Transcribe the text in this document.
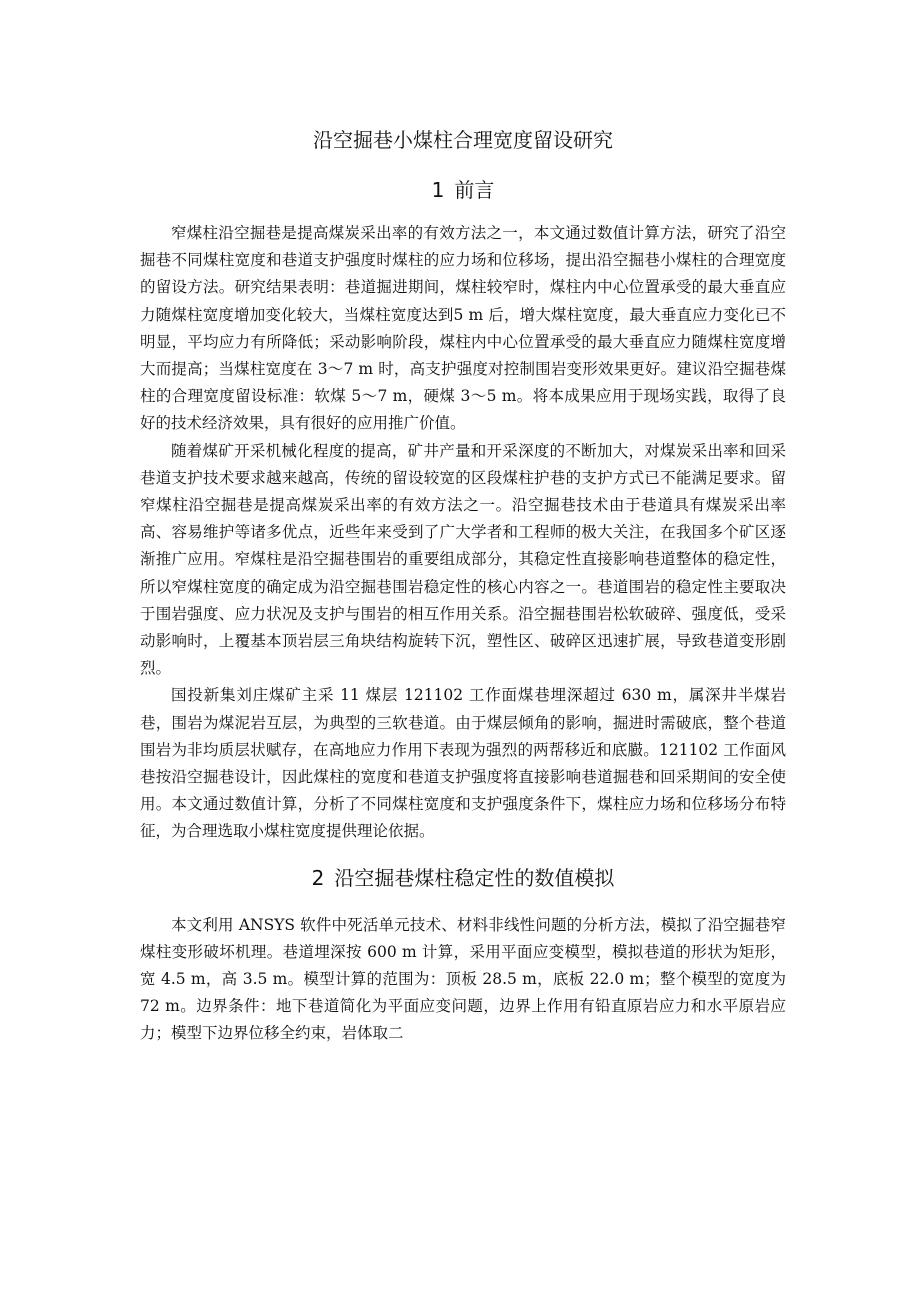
沿空掘巷小煤柱合理宽度留设研究
1 前言

窄煤柱沿空掘巷是提高煤炭采出率的有效方法之一，本文通过数值计算方法，研究了沿空掘巷不同煤柱宽度和巷道支护强度时煤柱的应力场和位移场，提出沿空掘巷小煤柱的合理宽度的留设方法。研究结果表明：巷道掘进期间，煤柱较窄时，煤柱内中心位置承受的最大垂直应力随煤柱宽度增加变化较大，当煤柱宽度达到5 m 后，增大煤柱宽度，最大垂直应力变化已不明显，平均应力有所降低；采动影响阶段，煤柱内中心位置承受的最大垂直应力随煤柱宽度增大而提高；当煤柱宽度在 3～7 m 时，高支护强度对控制围岩变形效果更好。建议沿空掘巷煤柱的合理宽度留设标准：软煤 5～7 m，硬煤 3～5 m。将本成果应用于现场实践，取得了良好的技术经济效果，具有很好的应用推广价值。

随着煤矿开采机械化程度的提高，矿井产量和开采深度的不断加大，对煤炭采出率和回采巷道支护技术要求越来越高，传统的留设较宽的区段煤柱护巷的支护方式已不能满足要求。留窄煤柱沿空掘巷是提高煤炭采出率的有效方法之一。沿空掘巷技术由于巷道具有煤炭采出率高、容易维护等诸多优点，近些年来受到了广大学者和工程师的极大关注，在我国多个矿区逐渐推广应用。窄煤柱是沿空掘巷围岩的重要组成部分，其稳定性直接影响巷道整体的稳定性，所以窄煤柱宽度的确定成为沿空掘巷围岩稳定性的核心内容之一。巷道围岩的稳定性主要取决于围岩强度、应力状况及支护与围岩的相互作用关系。沿空掘巷围岩松软破碎、强度低，受采动影响时，上覆基本顶岩层三角块结构旋转下沉，塑性区、破碎区迅速扩展，导致巷道变形剧烈。

国投新集刘庄煤矿主采 11 煤层 121102 工作面煤巷埋深超过 630 m，属深井半煤岩巷，围岩为煤泥岩互层，为典型的三软巷道。由于煤层倾角的影响，掘进时需破底，整个巷道围岩为非均质层状赋存，在高地应力作用下表现为强烈的两帮移近和底臌。121102 工作面风巷按沿空掘巷设计，因此煤柱的宽度和巷道支护强度将直接影响巷道掘巷和回采期间的安全使用。本文通过数值计算，分析了不同煤柱宽度和支护强度条件下，煤柱应力场和位移场分布特征，为合理选取小煤柱宽度提供理论依据。

2 沿空掘巷煤柱稳定性的数值模拟

本文利用 ANSYS 软件中死活单元技术、材料非线性问题的分析方法，模拟了沿空掘巷窄煤柱变形破坏机理。巷道埋深按 600 m 计算，采用平面应变模型，模拟巷道的形状为矩形，宽 4.5 m，高 3.5 m。模型计算的范围为：顶板 28.5 m，底板 22.0 m；整个模型的宽度为 72 m。边界条件：地下巷道简化为平面应变问题，边界上作用有铅直原岩应力和水平原岩应力；模型下边界位移全约束，岩体取二
